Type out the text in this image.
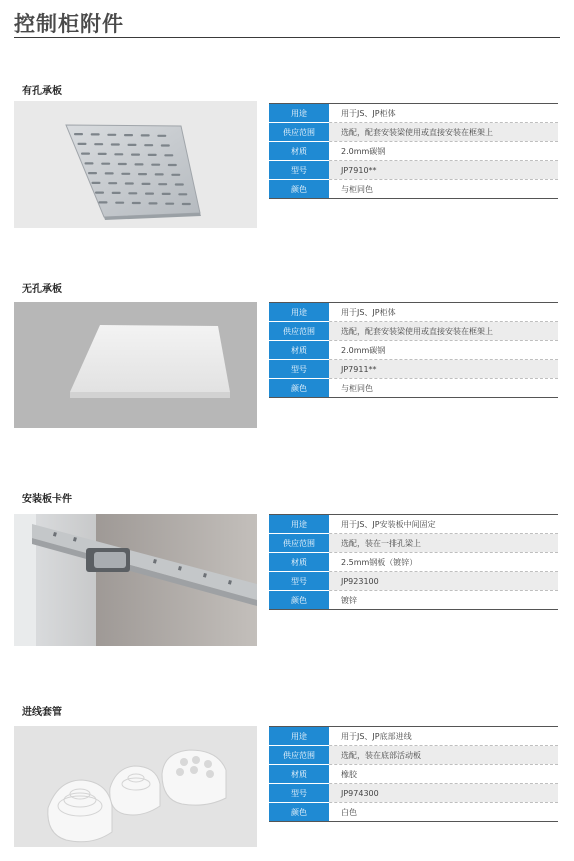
控制柜附件
有孔承板
用途	用于JS、JP柜体
供应范围	选配，配套安装梁使用或直接安装在框架上
材质	2.0mm碳钢
型号	JP7910**
颜色	与柜同色
无孔承板
用途	用于JS、JP柜体
供应范围	选配，配套安装梁使用或直接安装在框架上
材质	2.0mm碳钢
型号	JP7911**
颜色	与柜同色
安装板卡件
用途	用于JS、JP安装板中间固定
供应范围	选配，装在一排孔梁上
材质	2.5mm钢板（镀锌）
型号	JP923100
颜色	镀锌
进线套管
用途	用于JS、JP底部进线
供应范围	选配，装在底部活动板
材质	橡胶
型号	JP974300
颜色	白色
